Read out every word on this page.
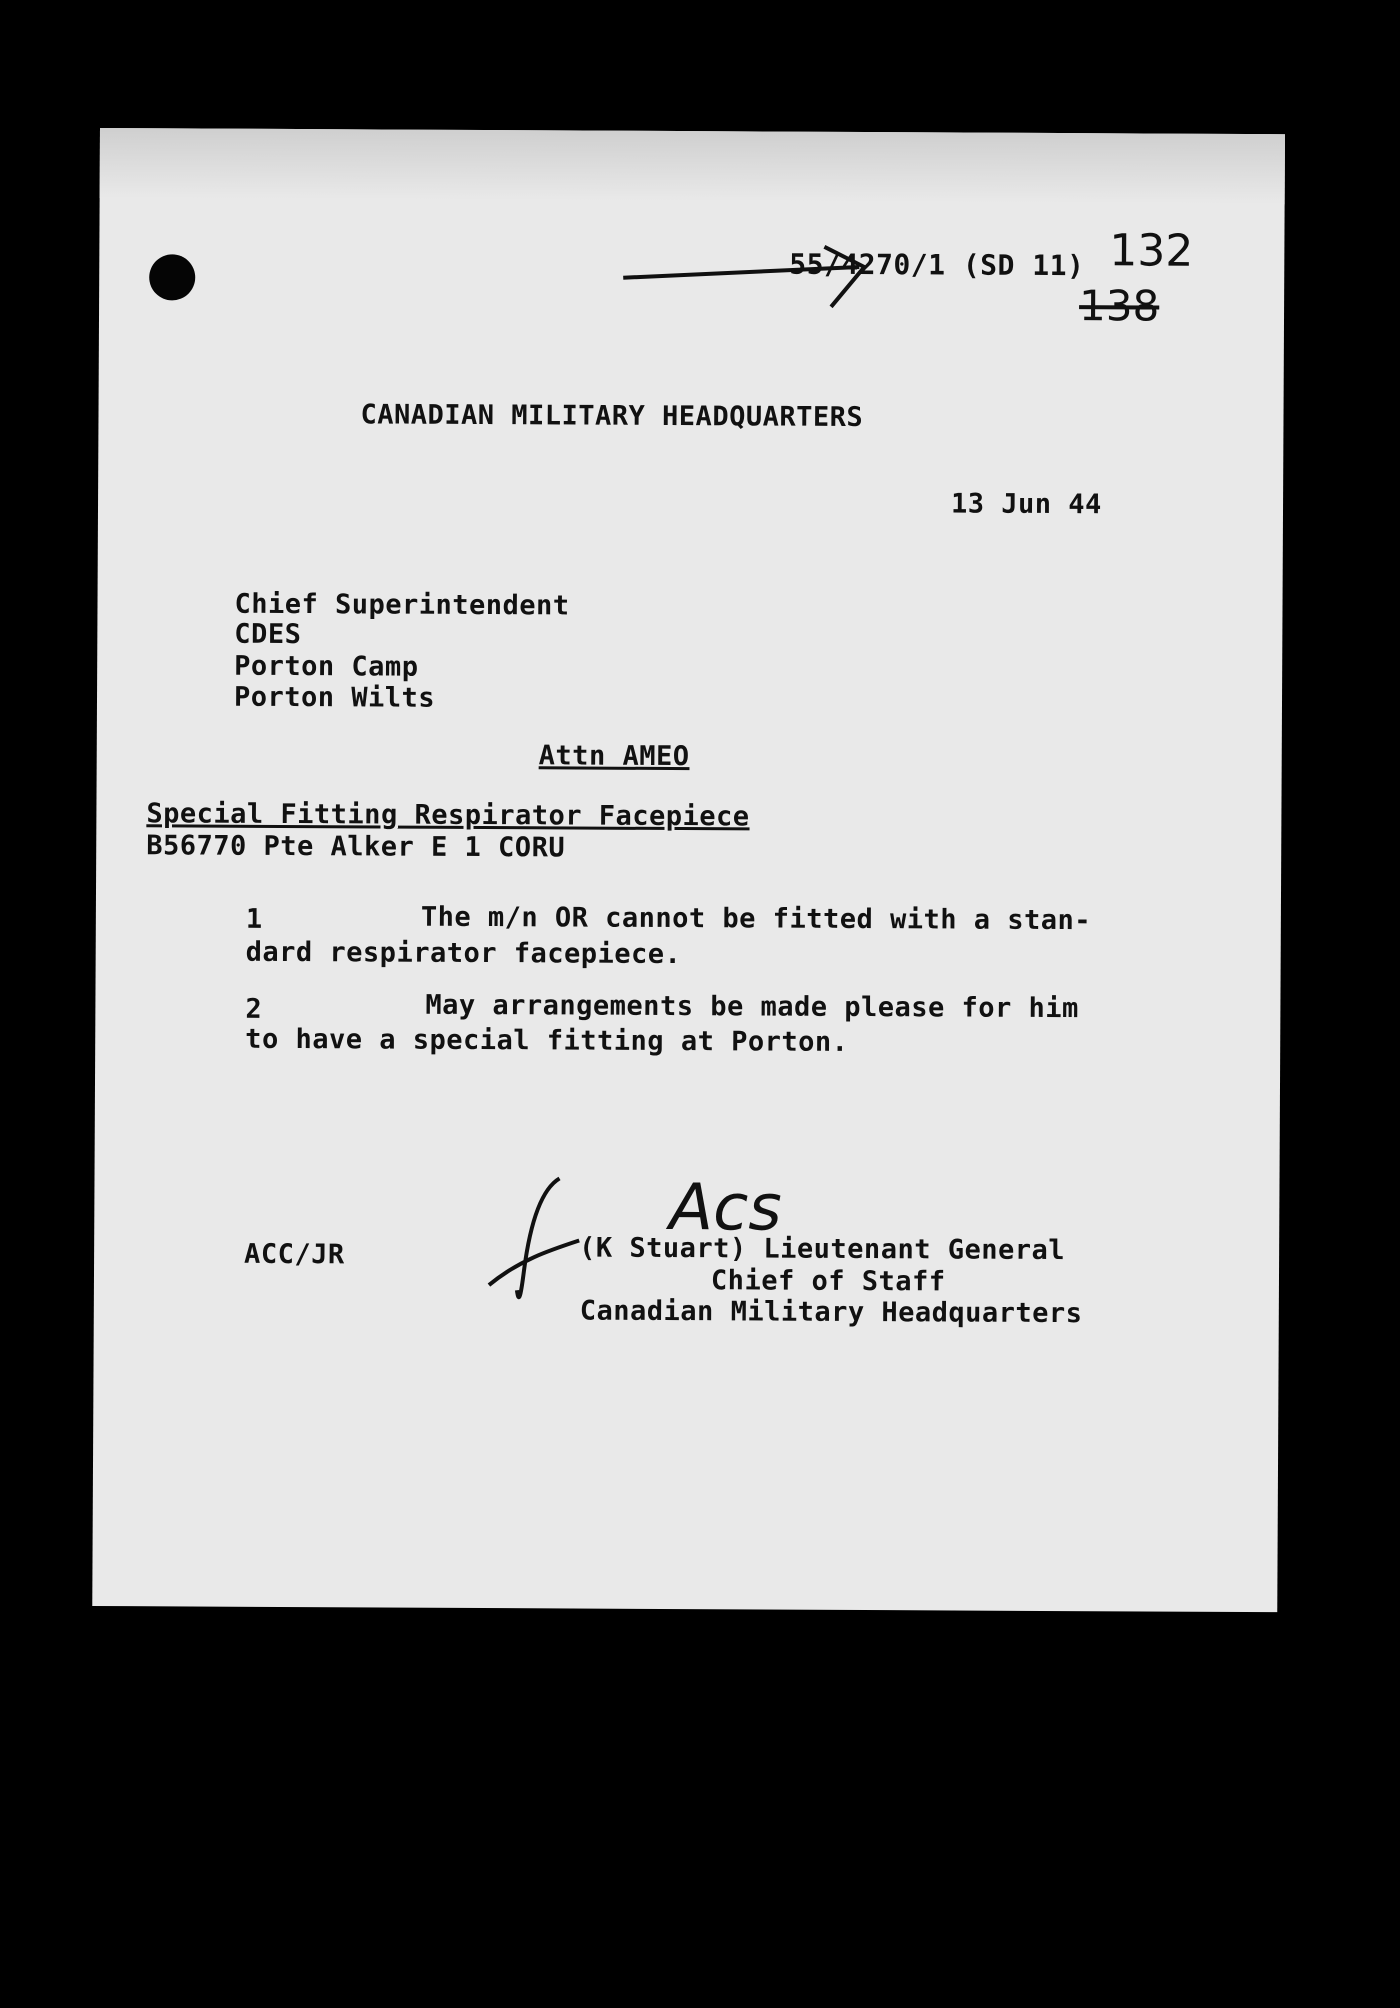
55/4270/1 (SD 11) 132
138
CANADIAN MILITARY HEADQUARTERS
13 Jun 44
Chief Superintendent
CDES
Porton Camp
Porton Wilts
Attn AMEO
Special Fitting Respirator Facepiece
B56770 Pte Alker E 1 CORU
1	The m/n OR cannot be fitted with a stan-
dard respirator facepiece.
2	May arrangements be made please for him
to have a special fitting at Porton.
ACC/JR
Acs
(K Stuart) Lieutenant General
Chief of Staff
Canadian Military Headquarters
